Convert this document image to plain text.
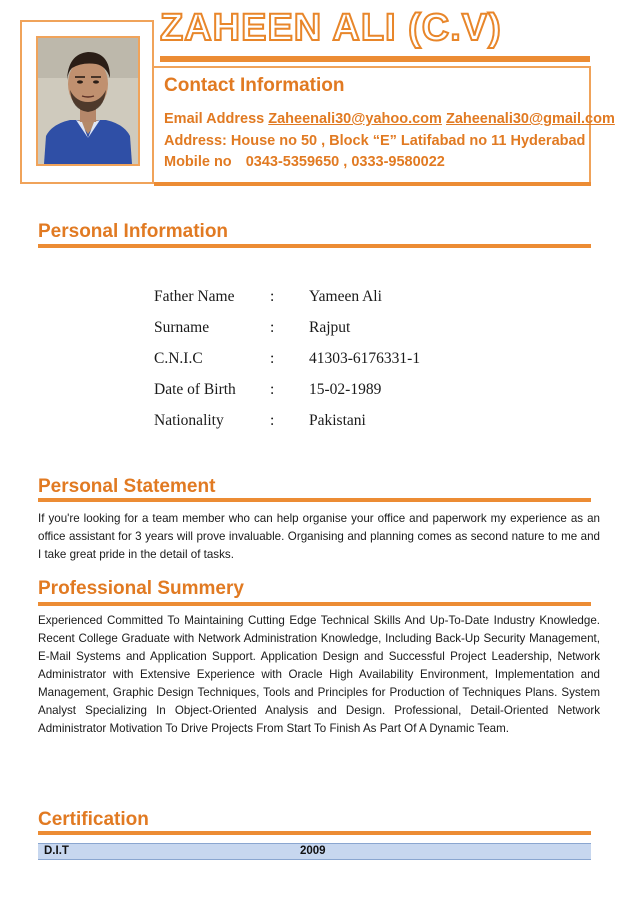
ZAHEEN ALI (C.V)
Contact Information
Email Address Zaheenali30@yahoo.com Zaheenali30@gmail.com
Address: House no 50 , Block “E” Latifabad no 11 Hyderabad
Mobile no 0343-5359650 , 0333-9580022
Personal Information
Father Name : Yameen Ali
Surname	: Rajput
C.N.I.C	: 41303-6176331-1
Date of Birth : 15-02-1989
Nationality	: Pakistani
Personal Statement
If you're looking for a team member who can help organise your office and paperwork my experience as an office assistant for 3 years will prove invaluable. Organising and planning comes as second nature to me and I take great pride in the detail of tasks.
Professional Summery
Experienced Committed To Maintaining Cutting Edge Technical Skills And Up-To-Date Industry Knowledge. Recent College Graduate with Network Administration Knowledge, Including Back-Up Security Management, E-Mail Systems and Application Support. Application Design and Successful Project Leadership, Network Administrator with Extensive Experience with Oracle High Availability Environment, Implementation and Management, Graphic Design Techniques, Tools and Principles for Production of Techniques Plans. System Analyst Specializing In Object-Oriented Analysis and Design. Professional, Detail-Oriented Network Administrator Motivation To Drive Projects From Start To Finish As Part Of A Dynamic Team.
Certification
D.I.T	2009
